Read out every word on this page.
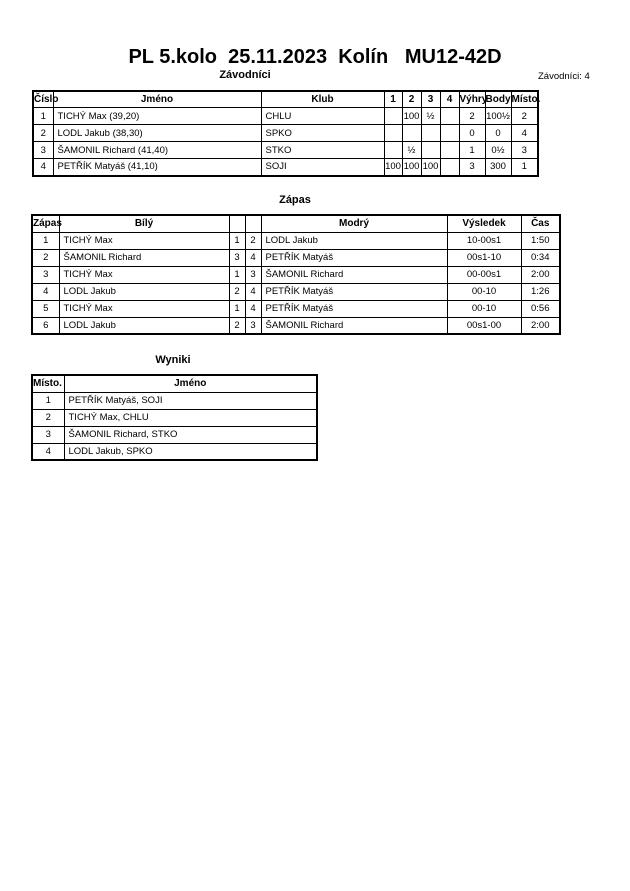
PL 5.kolo  25.11.2023  Kolín   MU12-42D
Závodníci	Závodníci: 4
Číslo	Jméno	Klub	1	2	3	4	Výhry	Body	Místo.
1	TICHÝ Max (39,20)	CHLU		100	½		2	100½	2
2	LODL Jakub (38,30)	SPKO					0	0	4
3	ŠAMONIL Richard (41,40)	STKO		½			1	0½	3
4	PETŘÍK Matyáš (41,10)	SOJI	100	100	100		3	300	1
Zápas
Zápas	Bílý			Modrý	Výsledek	Čas
1	TICHÝ Max	1	2	LODL Jakub	10-00s1	1:50
2	ŠAMONIL Richard	3	4	PETŘÍK Matyáš	00s1-10	0:34
3	TICHÝ Max	1	3	ŠAMONIL Richard	00-00s1	2:00
4	LODL Jakub	2	4	PETŘÍK Matyáš	00-10	1:26
5	TICHÝ Max	1	4	PETŘÍK Matyáš	00-10	0:56
6	LODL Jakub	2	3	ŠAMONIL Richard	00s1-00	2:00
Wyniki
Místo.	Jméno
1	PETŘÍK Matyáš, SOJI
2	TICHÝ Max, CHLU
3	ŠAMONIL Richard, STKO
4	LODL Jakub, SPKO
